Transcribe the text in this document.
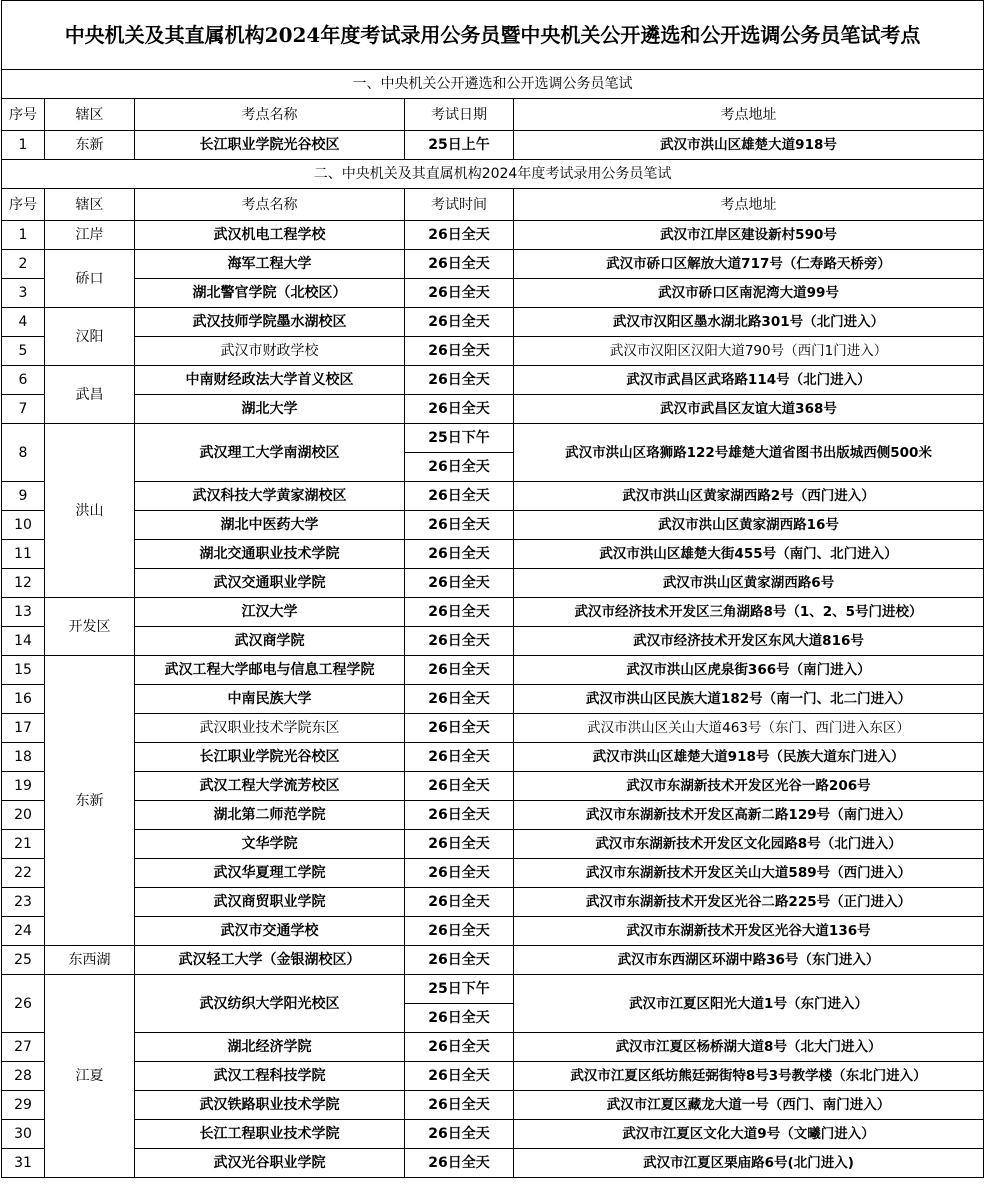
中央机关及其直属机构2024年度考试录用公务员暨中央机关公开遴选和公开选调公务员笔试考点				
一、中央机关公开遴选和公开选调公务员笔试				
序号	辖区	考点名称	考试日期	考点地址
1	东新	长江职业学院光谷校区	25日上午	武汉市洪山区雄楚大道918号
二、中央机关及其直属机构2024年度考试录用公务员笔试				
序号	辖区	考点名称	考试时间	考点地址
1	江岸	武汉机电工程学校	26日全天	武汉市江岸区建设新村590号
2	硚口	海军工程大学	26日全天	武汉市硚口区解放大道717号（仁寿路天桥旁）
3		湖北警官学院（北校区）	26日全天	武汉市硚口区南泥湾大道99号
4	汉阳	武汉技师学院墨水湖校区	26日全天	武汉市汉阳区墨水湖北路301号（北门进入）
5		武汉市财政学校	26日全天	武汉市汉阳区汉阳大道790号（西门1门进入）
6	武昌	中南财经政法大学首义校区	26日全天	武汉市武昌区武珞路114号（北门进入）
7		湖北大学	26日全天	武汉市武昌区友谊大道368号
8	洪山	武汉理工大学南湖校区	25日下午	武汉市洪山区珞狮路122号雄楚大道省图书出版城西侧500米
			26日全天	
9		武汉科技大学黄家湖校区	26日全天	武汉市洪山区黄家湖西路2号（西门进入）
10		湖北中医药大学	26日全天	武汉市洪山区黄家湖西路16号
11		湖北交通职业技术学院	26日全天	武汉市洪山区雄楚大街455号（南门、北门进入）
12		武汉交通职业学院	26日全天	武汉市洪山区黄家湖西路6号
13	开发区	江汉大学	26日全天	武汉市经济技术开发区三角湖路8号（1、2、5号门进校）
14		武汉商学院	26日全天	武汉市经济技术开发区东风大道816号
15	东新	武汉工程大学邮电与信息工程学院	26日全天	武汉市洪山区虎泉街366号（南门进入）
16		中南民族大学	26日全天	武汉市洪山区民族大道182号（南一门、北二门进入）
17		武汉职业技术学院东区	26日全天	武汉市洪山区关山大道463号（东门、西门进入东区）
18		长江职业学院光谷校区	26日全天	武汉市洪山区雄楚大道918号（民族大道东门进入）
19		武汉工程大学流芳校区	26日全天	武汉市东湖新技术开发区光谷一路206号
20		湖北第二师范学院	26日全天	武汉市东湖新技术开发区高新二路129号（南门进入）
21		文华学院	26日全天	武汉市东湖新技术开发区文化园路8号（北门进入）
22		武汉华夏理工学院	26日全天	武汉市东湖新技术开发区关山大道589号（西门进入）
23		武汉商贸职业学院	26日全天	武汉市东湖新技术开发区光谷二路225号（正门进入）
24		武汉市交通学校	26日全天	武汉市东湖新技术开发区光谷大道136号
25	东西湖	武汉轻工大学（金银湖校区）	26日全天	武汉市东西湖区环湖中路36号（东门进入）
26	江夏	武汉纺织大学阳光校区	25日下午	武汉市江夏区阳光大道1号（东门进入）
			26日全天	
27		湖北经济学院	26日全天	武汉市江夏区杨桥湖大道8号（北大门进入）
28		武汉工程科技学院	26日全天	武汉市江夏区纸坊熊廷弼街特8号3号教学楼（东北门进入）
29		武汉铁路职业技术学院	26日全天	武汉市江夏区藏龙大道一号（西门、南门进入）
30		长江工程职业技术学院	26日全天	武汉市江夏区文化大道9号（文曦门进入）
31		武汉光谷职业学院	26日全天	武汉市江夏区栗庙路6号(北门进入)
